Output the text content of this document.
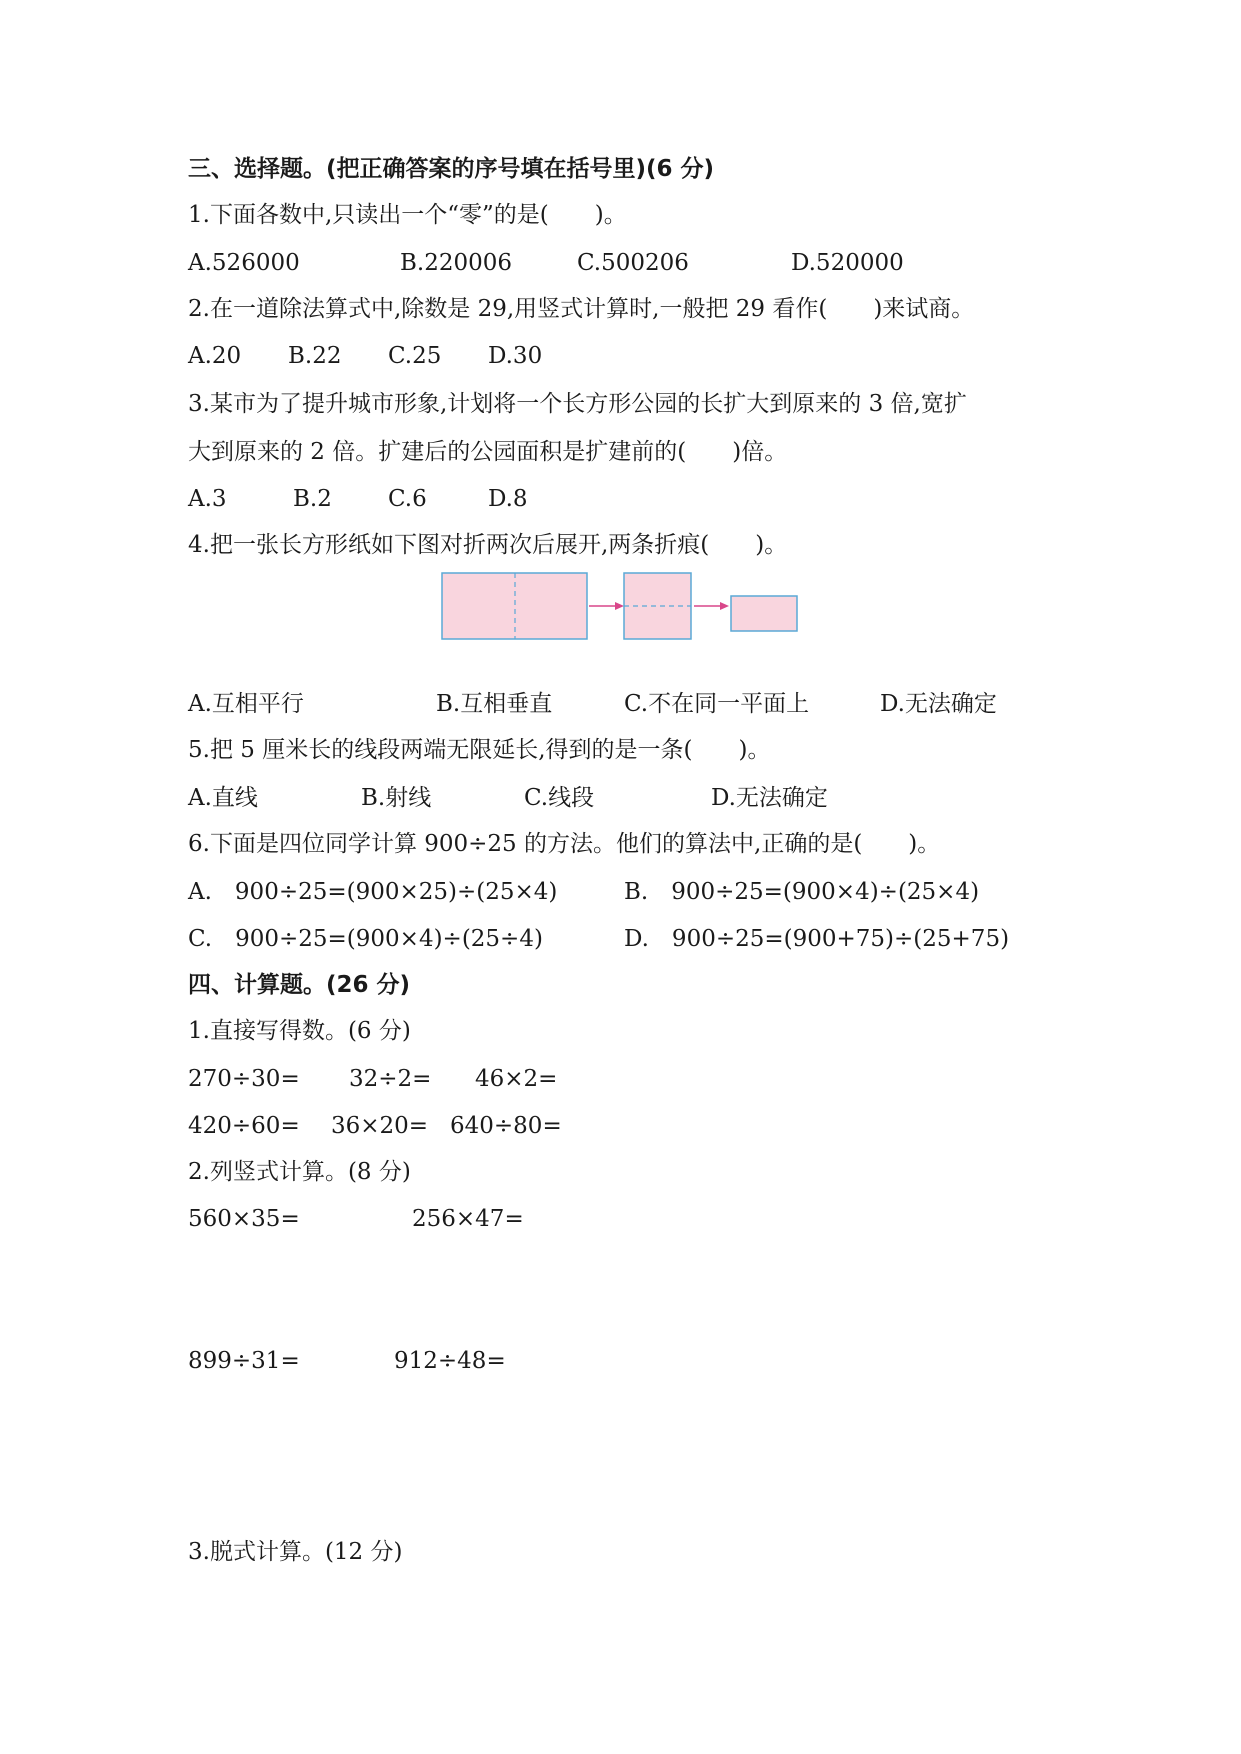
三、选择题。(把正确答案的序号填在括号里)(6 分)
1.下面各数中,只读出一个“零”的是(　　)。
A.526000	B.220006	C.500206	D.520000
2.在一道除法算式中,除数是 29,用竖式计算时,一般把 29 看作(　　)来试商。
A.20 B.22 C.25 D.30
3.某市为了提升城市形象,计划将一个长方形公园的长扩大到原来的 3 倍,宽扩
大到原来的 2 倍。扩建后的公园面积是扩建前的(　　)倍。
A.3	B.2 C.6	D.8
4.把一张长方形纸如下图对折两次后展开,两条折痕(　　)。
A.互相平行	B.互相垂直	C.不在同一平面上	D.无法确定
5.把 5 厘米长的线段两端无限延长,得到的是一条(　　)。
A.直线	B.射线	C.线段	D.无法确定
6.下面是四位同学计算 900÷25 的方法。他们的算法中,正确的是(　　)。
A.　900÷25=(900×25)÷(25×4)	B.　900÷25=(900×4)÷(25×4)
C.　900÷25=(900×4)÷(25÷4)	D.　900÷25=(900+75)÷(25+75)
四、计算题。(26 分)
1.直接写得数。(6 分)
270÷30= 32÷2= 46×2=
420÷60= 36×20= 640÷80=
2.列竖式计算。(8 分)
560×35=	256×47=
899÷31=	912÷48=
3.脱式计算。(12 分)
